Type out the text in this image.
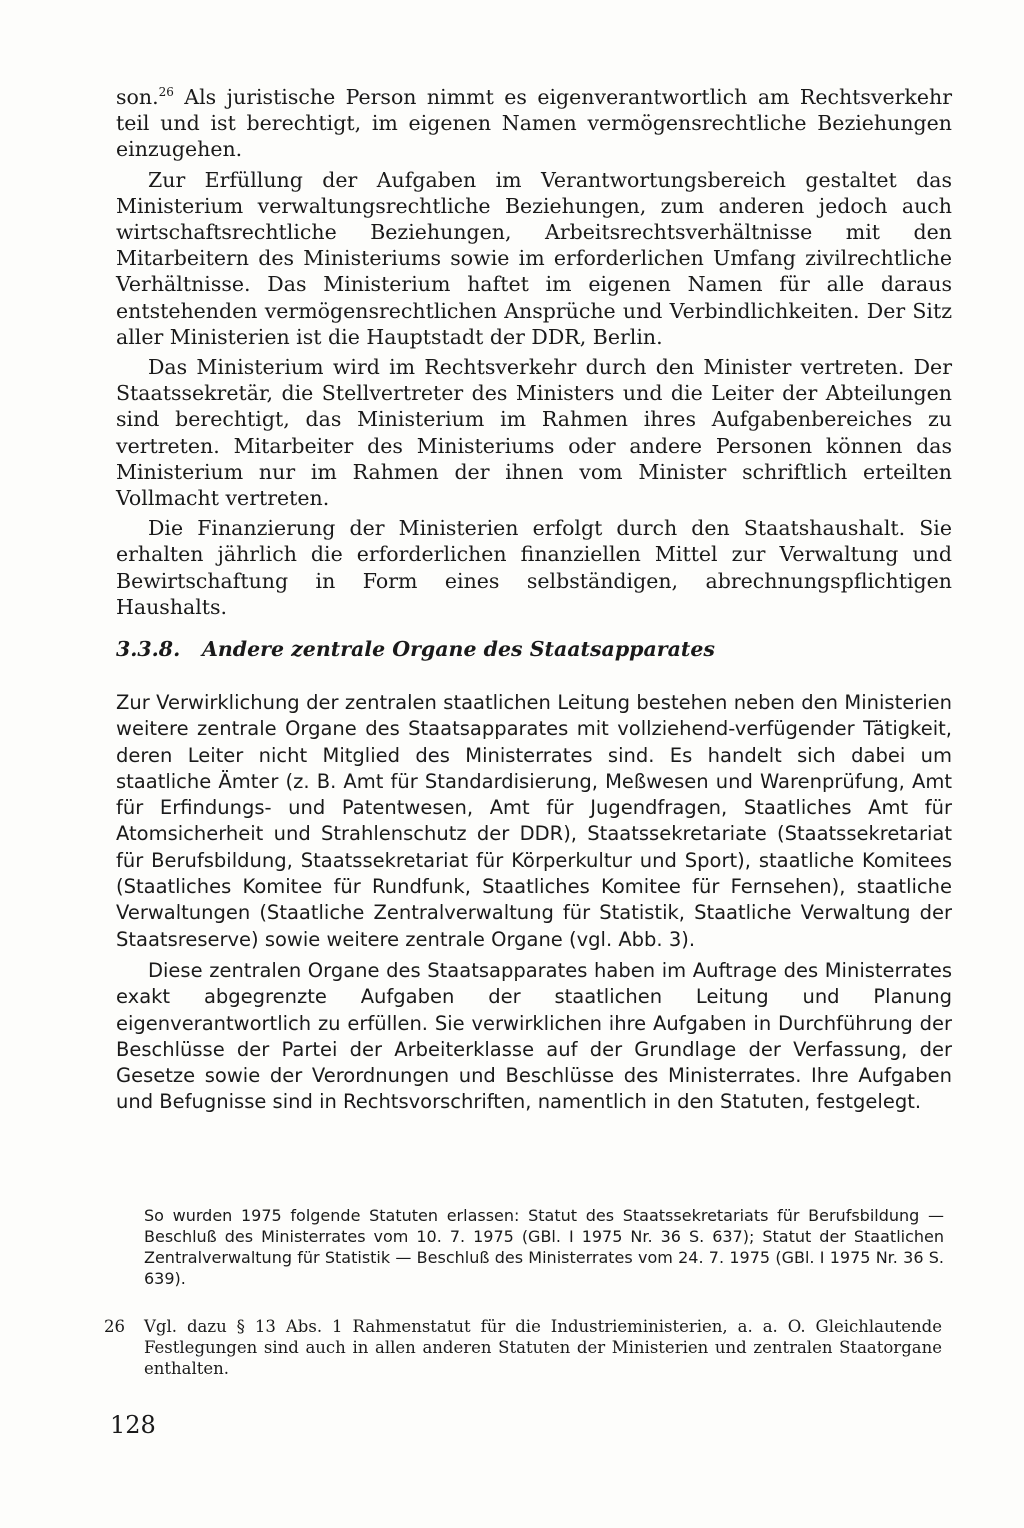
son.$^{26}$ Als juristische Person nimmt es eigenverantwortlich am Rechtsverkehr teil und ist berechtigt, im eigenen Namen vermögensrechtliche Beziehungen einzugehen.

Zur Erfüllung der Aufgaben im Verantwortungsbereich gestaltet das Ministerium verwaltungsrechtliche Beziehungen, zum anderen jedoch auch wirtschaftsrechtliche Beziehungen, Arbeitsrechtsverhältnisse mit den Mitarbeitern des Ministeriums sowie im erforderlichen Umfang zivilrechtliche Verhältnisse. Das Ministerium haftet im eigenen Namen für alle daraus entstehenden vermögensrechtlichen Ansprüche und Verbindlichkeiten. Der Sitz aller Ministerien ist die Hauptstadt der DDR, Berlin.

Das Ministerium wird im Rechtsverkehr durch den Minister vertreten. Der Staatssekretär, die Stellvertreter des Ministers und die Leiter der Abteilungen sind berechtigt, das Ministerium im Rahmen ihres Aufgabenbereiches zu vertreten. Mitarbeiter des Ministeriums oder andere Personen können das Ministerium nur im Rahmen der ihnen vom Minister schriftlich erteilten Vollmacht vertreten.

Die Finanzierung der Ministerien erfolgt durch den Staatshaushalt. Sie erhalten jährlich die erforderlichen finanziellen Mittel zur Verwaltung und Bewirtschaftung in Form eines selbständigen, abrechnungspflichtigen Haushalts.

3.3.8. Andere zentrale Organe des Staatsapparates

Zur Verwirklichung der zentralen staatlichen Leitung bestehen neben den Ministerien weitere zentrale Organe des Staatsapparates mit vollziehend-verfügender Tätigkeit, deren Leiter nicht Mitglied des Ministerrates sind. Es handelt sich dabei um staatliche Ämter (z. B. Amt für Standardisierung, Meßwesen und Warenprüfung, Amt für Erfindungs- und Patentwesen, Amt für Jugendfragen, Staatliches Amt für Atomsicherheit und Strahlenschutz der DDR), Staatssekretariate (Staatssekretariat für Berufsbildung, Staatssekretariat für Körperkultur und Sport), staatliche Komitees (Staatliches Komitee für Rundfunk, Staatliches Komitee für Fernsehen), staatliche Verwaltungen (Staatliche Zentralverwaltung für Statistik, Staatliche Verwaltung der Staatsreserve) sowie weitere zentrale Organe (vgl. Abb. 3).

Diese zentralen Organe des Staatsapparates haben im Auftrage des Ministerrates exakt abgegrenzte Aufgaben der staatlichen Leitung und Planung eigenverantwortlich zu erfüllen. Sie verwirklichen ihre Aufgaben in Durchführung der Beschlüsse der Partei der Arbeiterklasse auf der Grundlage der Verfassung, der Gesetze sowie der Verordnungen und Beschlüsse des Ministerrates. Ihre Aufgaben und Befugnisse sind in Rechtsvorschriften, namentlich in den Statuten, festgelegt.

So wurden 1975 folgende Statuten erlassen: Statut des Staatssekretariats für Berufsbildung — Beschluß des Ministerrates vom 10. 7. 1975 (GBl. I 1975 Nr. 36 S. 637); Statut der Staatlichen Zentralverwaltung für Statistik — Beschluß des Ministerrates vom 24. 7. 1975 (GBl. I 1975 Nr. 36 S. 639).

26	Vgl. dazu § 13 Abs. 1 Rahmenstatut für die Industrieministerien, a. a. O. Gleichlautende Festlegungen sind auch in allen anderen Statuten der Ministerien und zentralen Staatorgane enthalten.

128
